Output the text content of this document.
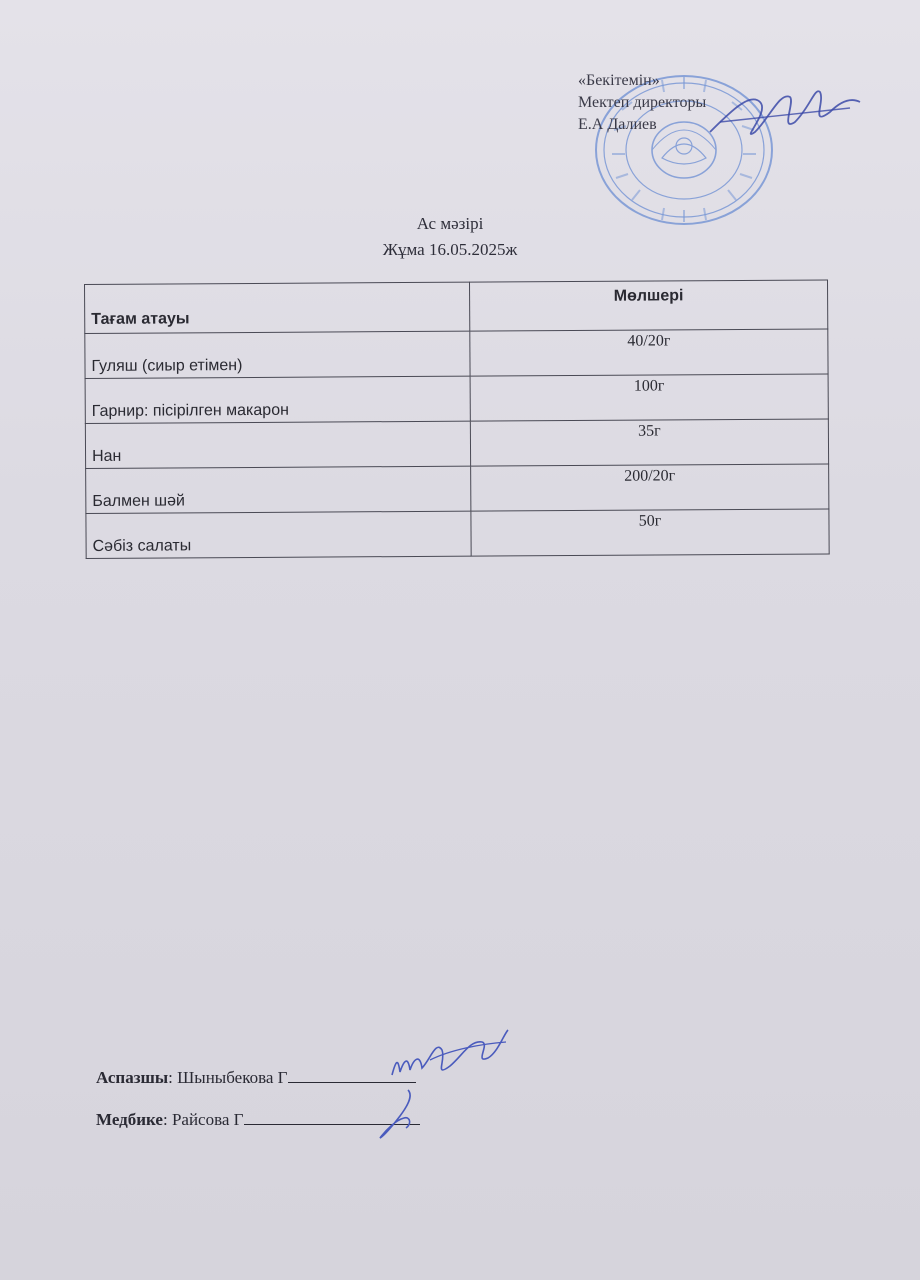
«Бекітемін»
Мектеп директоры
Е.А Далиев
Ас мәзірі
Жұма 16.05.2025ж
Тағам атауы	Мөлшері
Гуляш (сиыр етімен)	40/20г
Гарнир: пісірілген макарон	100г
Нан	35г
Балмен шәй	200/20г
Сәбіз салаты	50г
Аспазшы: Шыныбекова Г
Медбике: Райсова Г
